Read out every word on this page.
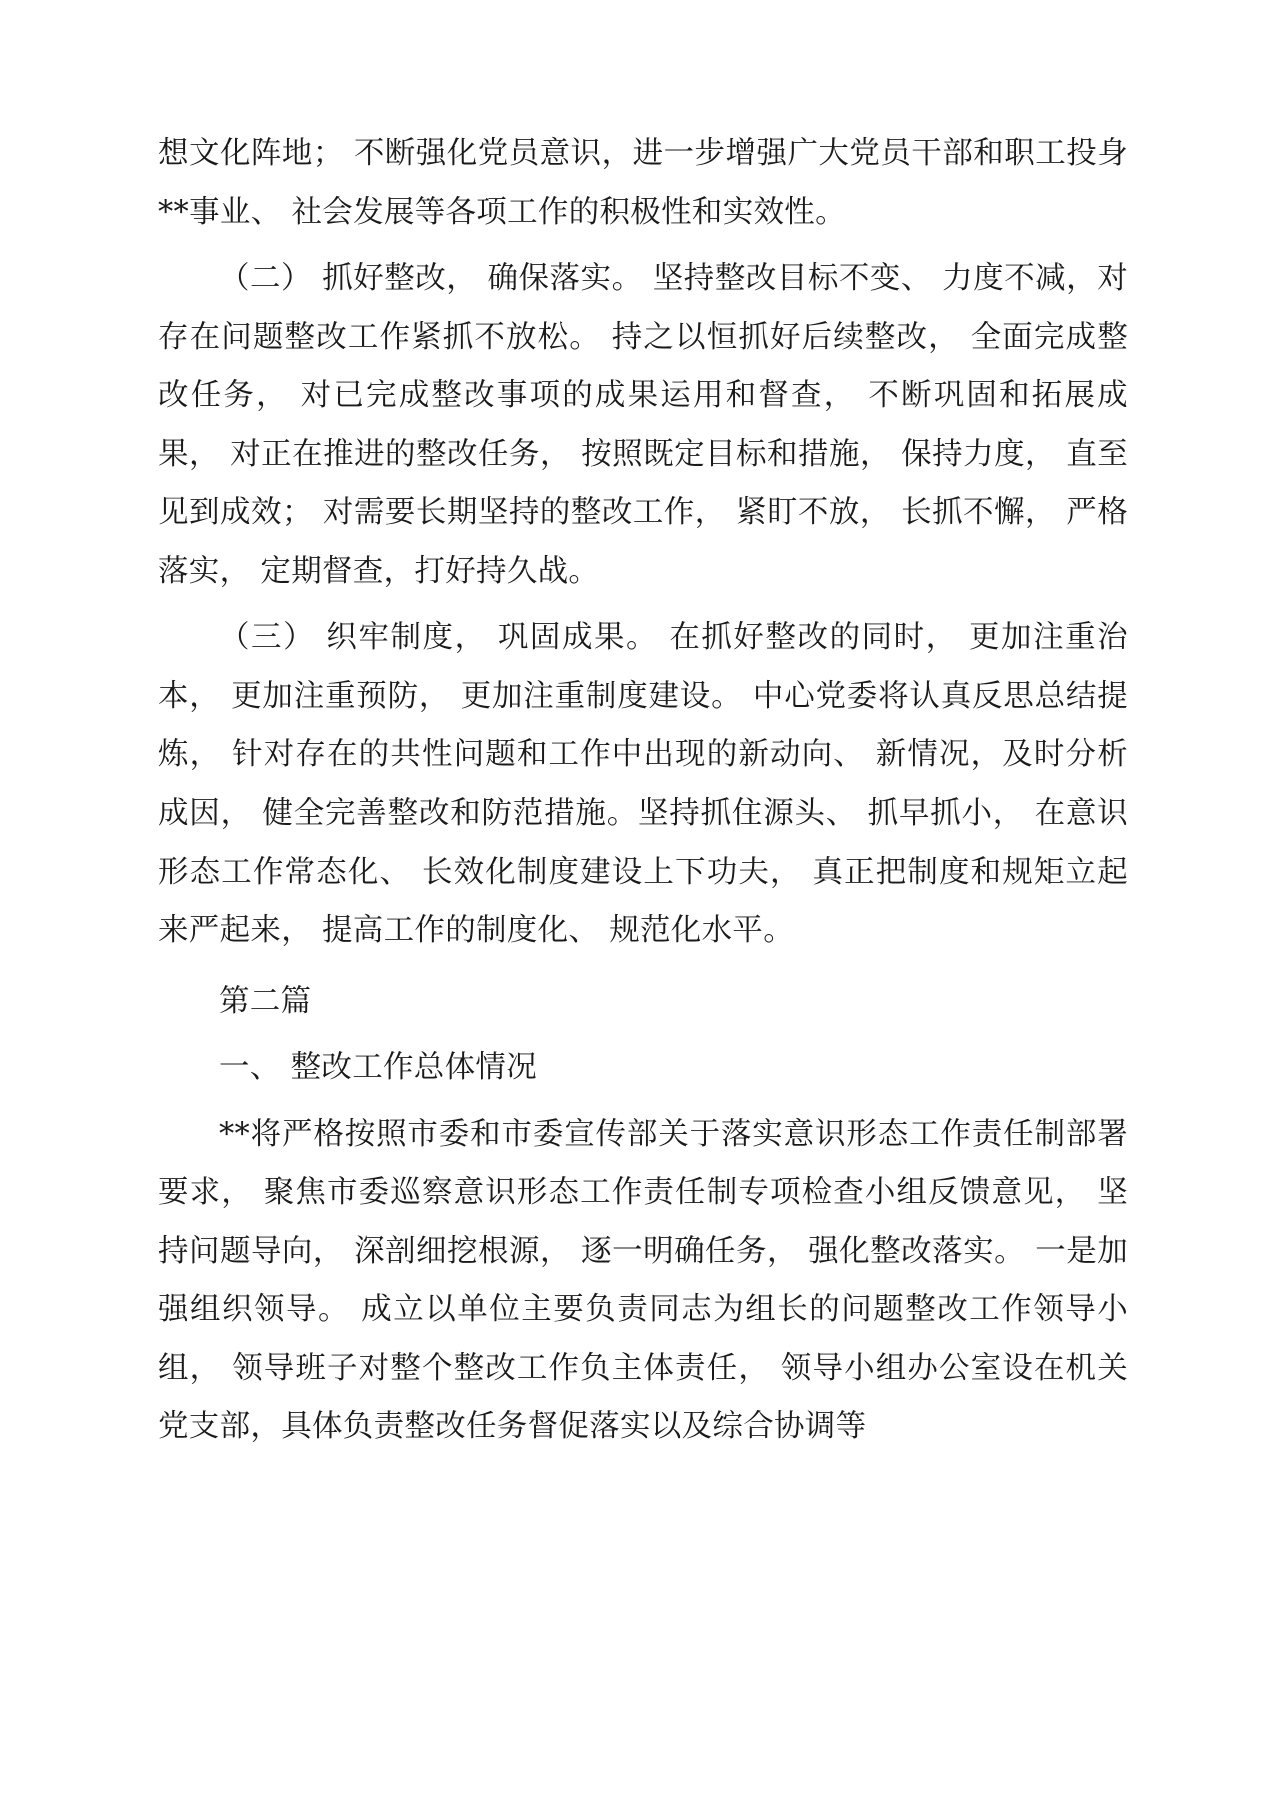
想文化阵地； 不断强化党员意识，进一步增强广大党员干部和职工投身**事业、 社会发展等各项工作的积极性和实效性。

（二） 抓好整改， 确保落实。 坚持整改目标不变、 力度不减，对存在问题整改工作紧抓不放松。 持之以恒抓好后续整改， 全面完成整改任务， 对已完成整改事项的成果运用和督查， 不断巩固和拓展成果， 对正在推进的整改任务， 按照既定目标和措施， 保持力度， 直至见到成效； 对需要长期坚持的整改工作， 紧盯不放， 长抓不懈， 严格落实， 定期督查，打好持久战。

（三） 织牢制度， 巩固成果。 在抓好整改的同时， 更加注重治本， 更加注重预防， 更加注重制度建设。 中心党委将认真反思总结提炼， 针对存在的共性问题和工作中出现的新动向、 新情况，及时分析成因， 健全完善整改和防范措施。坚持抓住源头、 抓早抓小， 在意识形态工作常态化、 长效化制度建设上下功夫， 真正把制度和规矩立起来严起来， 提高工作的制度化、 规范化水平。

第二篇

一、 整改工作总体情况

**将严格按照市委和市委宣传部关于落实意识形态工作责任制部署要求， 聚焦市委巡察意识形态工作责任制专项检查小组反馈意见， 坚持问题导向， 深剖细挖根源， 逐一明确任务， 强化整改落实。 一是加强组织领导。 成立以单位主要负责同志为组长的问题整改工作领导小组， 领导班子对整个整改工作负主体责任， 领导小组办公室设在机关党支部，具体负责整改任务督促落实以及综合协调等
